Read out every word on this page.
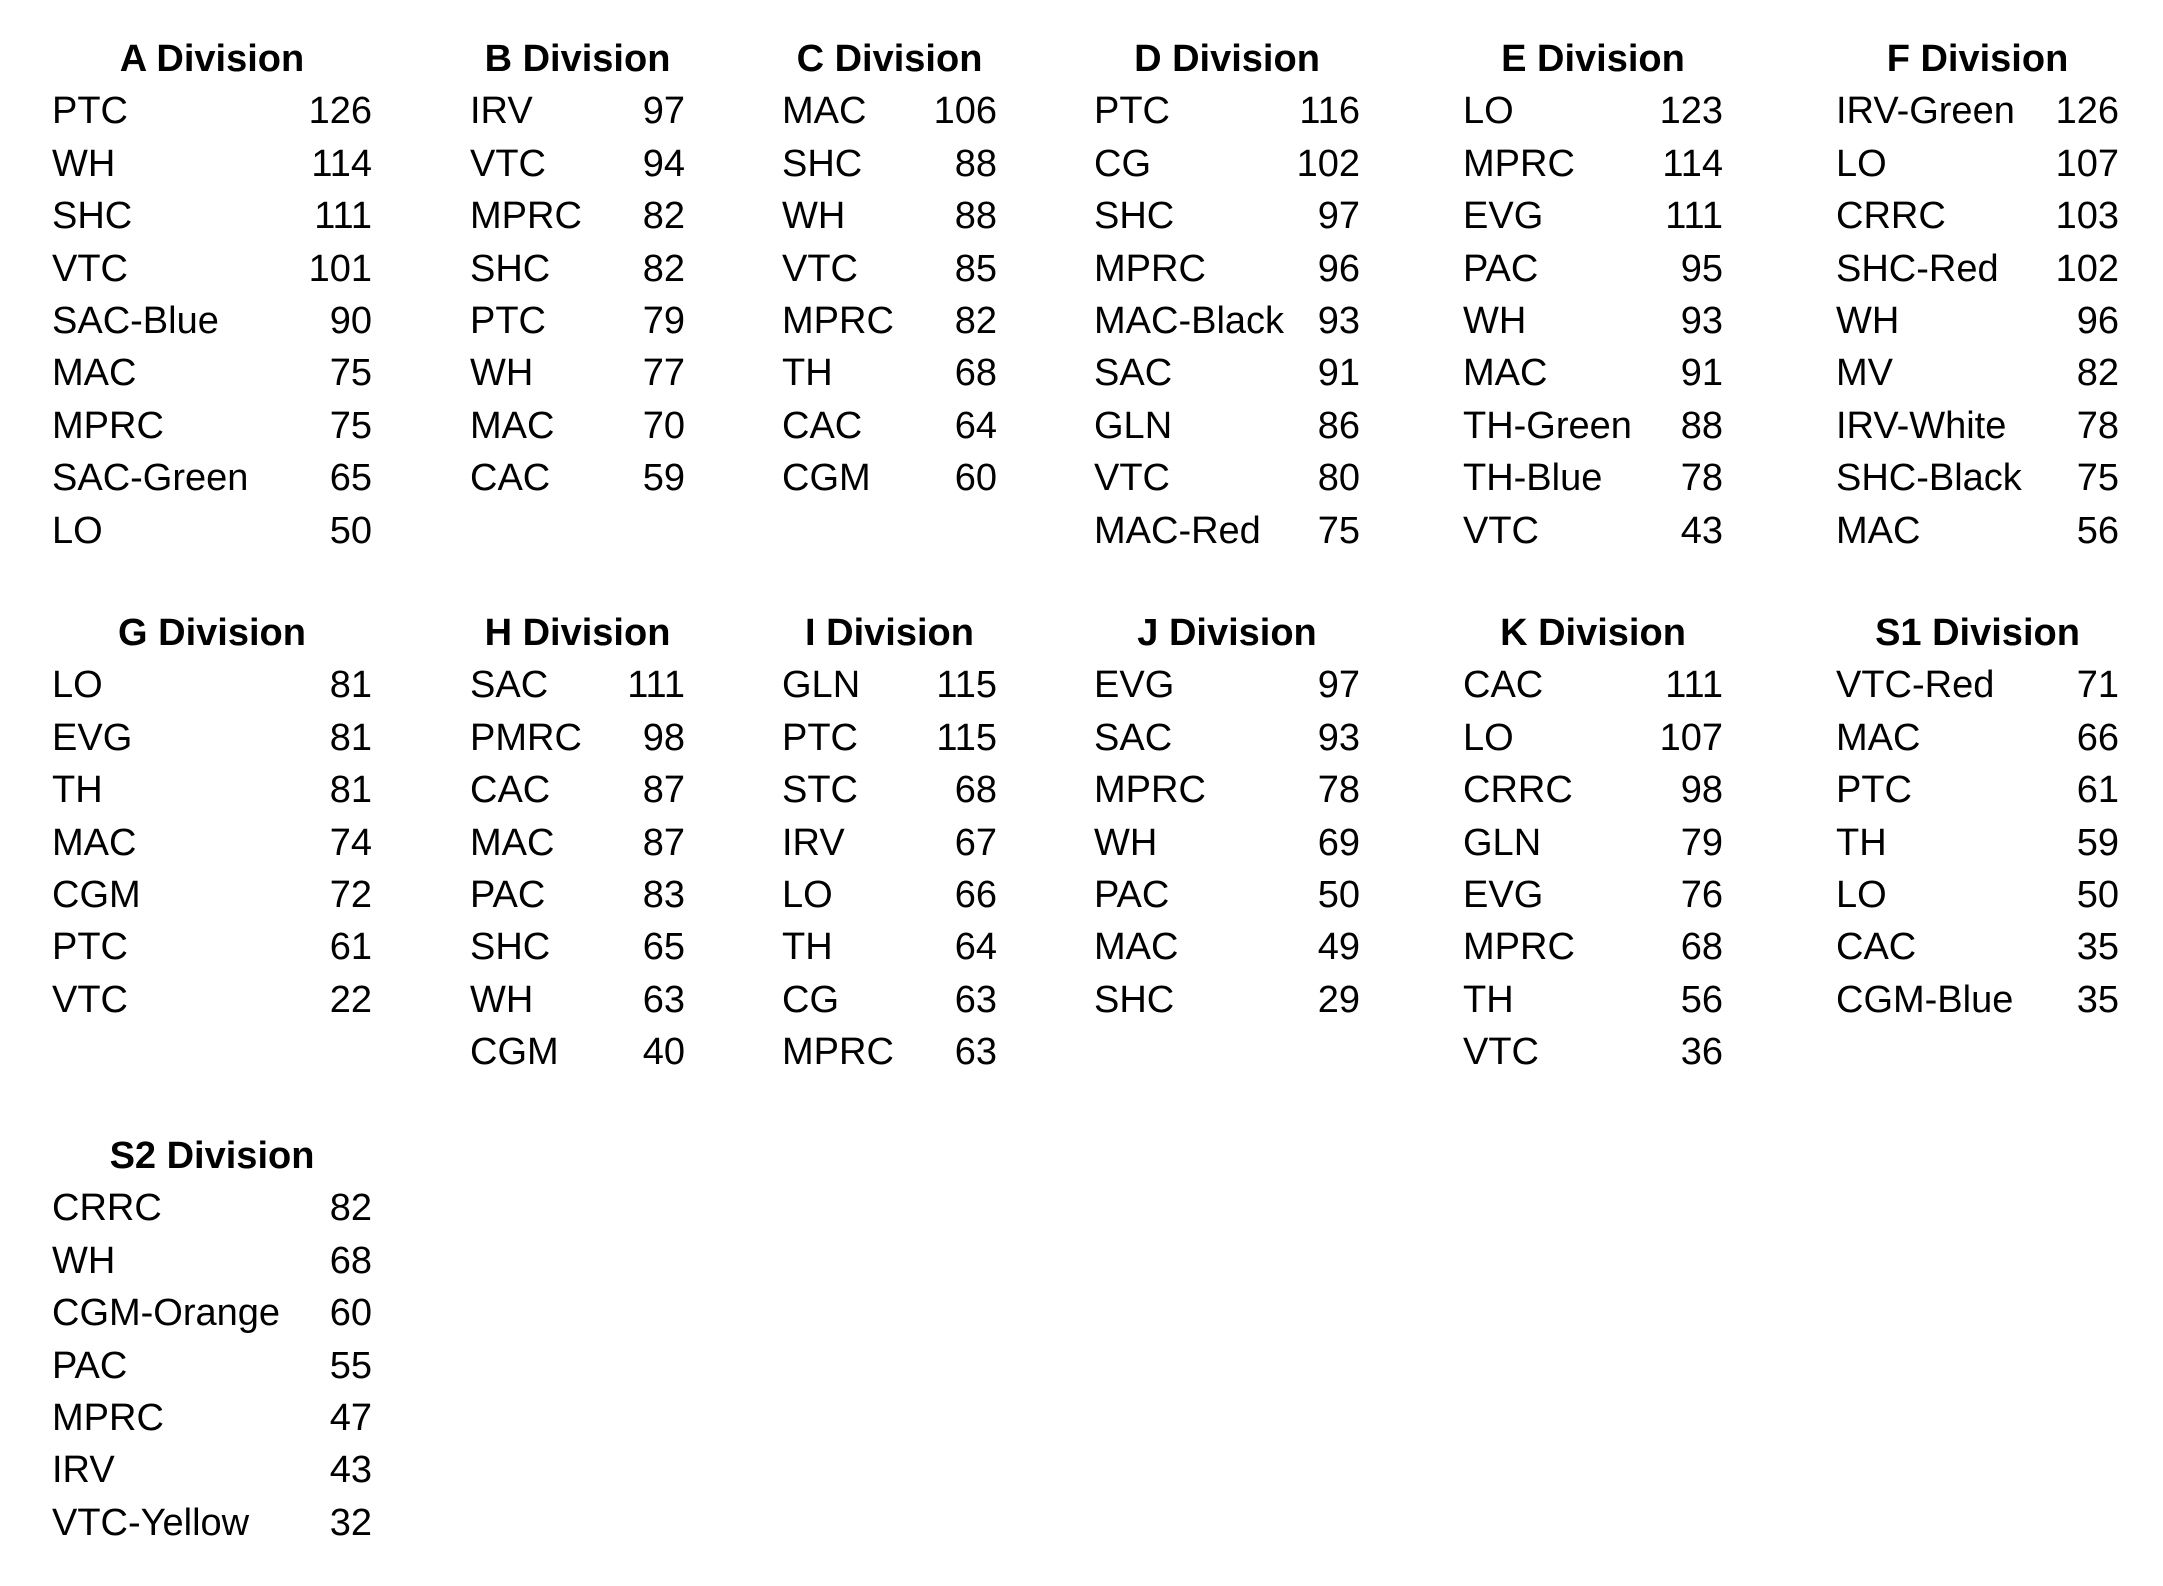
A Division
PTC	126
WH	114
SHC	111
VTC	101
SAC-Blue	90
MAC	75
MPRC	75
SAC-Green 65
LO	50
B Division
IRV	97
VTC	94
MPRC 82
SHC 82
PTC	79
WH	77
MAC 70
CAC 59
C Division
MAC 106
SHC 88
WH	88
VTC	85
MPRC 82
TH	68
CAC 64
CGM 60
D Division
PTC	116
CG	102
SHC	97
MPRC	96
MAC-Black 93
SAC	91
GLN	86
VTC	80
MAC-Red 75
E Division
LO	123
MPRC 114
EVG	111
PAC	95
WH	93
MAC	91
TH-Green 88
TH-Blue 78
VTC	43
F Division
IRV-Green 126
LO	107
CRRC	103
SHC-Red 102
WH	96
MV	82
IRV-White 78
SHC-Black 75
MAC	56
G Division
LO	81
EVG	81
TH	81
MAC	74
CGM	72
PTC	61
VTC	22
H Division
SAC 111
PMRC 98
CAC 87
MAC 87
PAC	83
SHC 65
WH	63
CGM 40
I Division
GLN 115
PTC 115
STC	68
IRV	67
LO	66
TH	64
CG	63
MPRC 63
J Division
EVG	97
SAC	93
MPRC	78
WH	69
PAC	50
MAC	49
SHC	29
K Division
CAC	111
LO	107
CRRC	98
GLN	79
EVG	76
MPRC	68
TH	56
VTC	36
S1 Division
VTC-Red 71
MAC	66
PTC	61
TH	59
LO	50
CAC	35
CGM-Blue 35
S2 Division
CRRC	82
WH	68
CGM-Orange 60
PAC	55
MPRC	47
IRV	43
VTC-Yellow 32
